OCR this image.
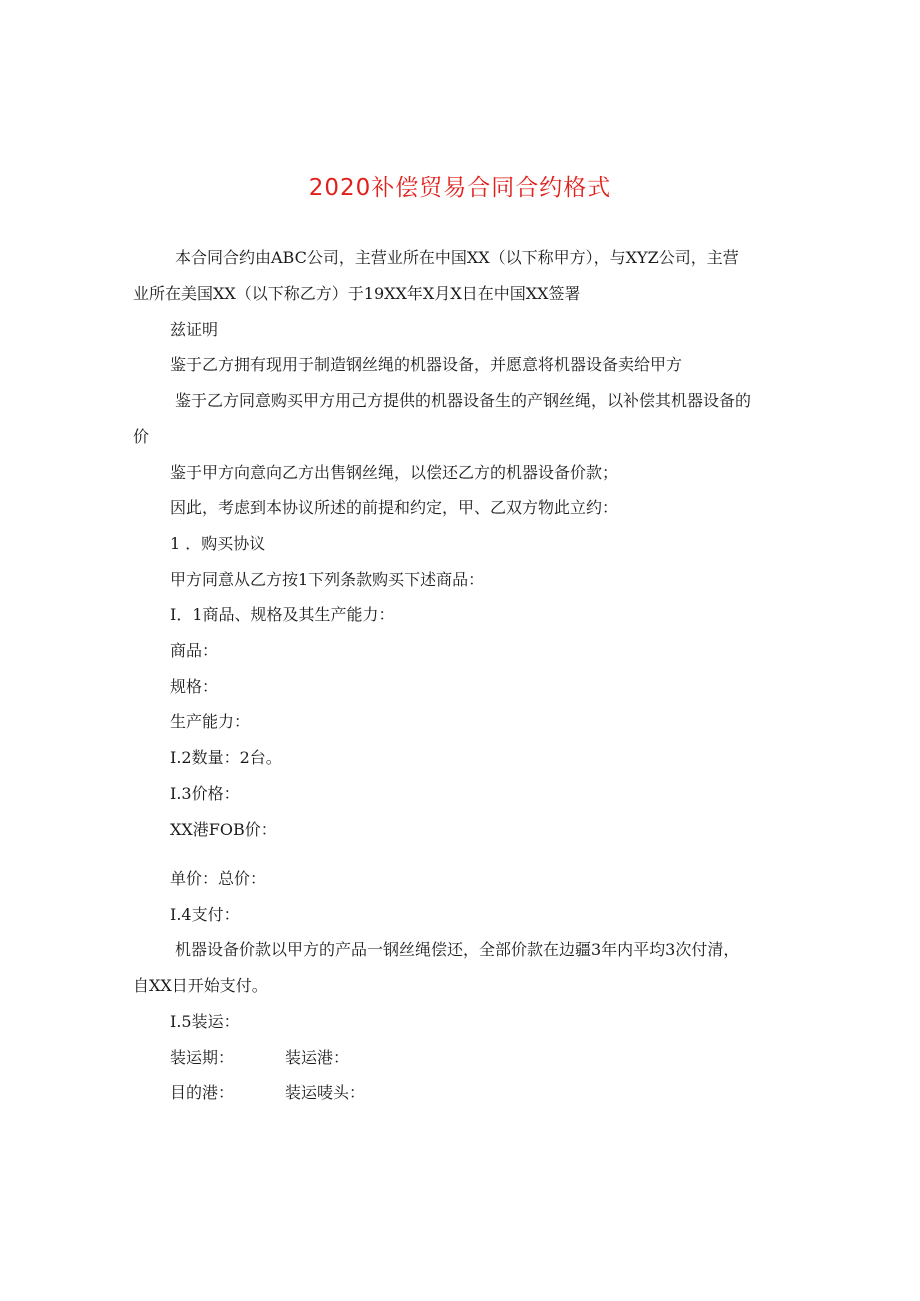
2020补偿贸易合同合约格式
本合同合约由ABC公司，主营业所在中国XX（以下称甲方），与XYZ公司，主营
业所在美国XX（以下称乙方）于19XX年X月X日在中国XX签署
兹证明
鉴于乙方拥有现用于制造钢丝绳的机器设备，并愿意将机器设备卖给甲方
鉴于乙方同意购买甲方用己方提供的机器设备生的产钢丝绳，以补偿其机器设备的
价
鉴于甲方向意向乙方出售钢丝绳，以偿还乙方的机器设备价款；
因此，考虑到本协议所述的前提和约定，甲、乙双方物此立约：
1 ．购买协议
甲方同意从乙方按1下列条款购买下述商品：
I．1商品、规格及其生产能力：
商品：
规格：
生产能力：
I.2数量：2台。
I.3价格：
XX港FOB价：
单价：总价：
I.4支付：
机器设备价款以甲方的产品一钢丝绳偿还，全部价款在边疆3年内平均3次付清，
自XX日开始支付。
I.5装运：
装运期：	装运港：
目的港：	装运唛头：
